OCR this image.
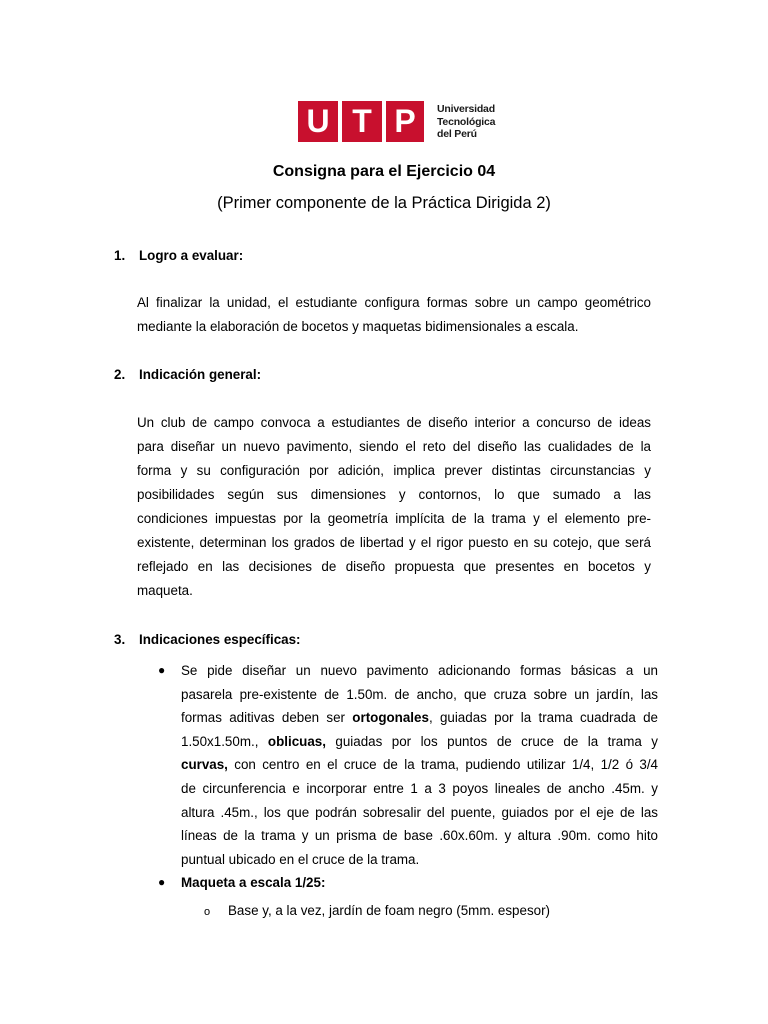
U T P	Universidad
Tecnológica
del Perú
Consigna para el Ejercicio 04
(Primer componente de la Práctica Dirigida 2)
1. Logro a evaluar:
Al finalizar la unidad, el estudiante configura formas sobre un campo geométrico
mediante la elaboración de bocetos y maquetas bidimensionales a escala.
2. Indicación general:
Un club de campo convoca a estudiantes de diseño interior a concurso de ideas
para diseñar un nuevo pavimento, siendo el reto del diseño las cualidades de la
forma y su configuración por adición, implica prever distintas circunstancias y
posibilidades según sus dimensiones y contornos, lo que sumado a las
condiciones impuestas por la geometría implícita de la trama y el elemento pre-
existente, determinan los grados de libertad y el rigor puesto en su cotejo, que será
reflejado en las decisiones de diseño propuesta que presentes en bocetos y
maqueta.
3. Indicaciones específicas:
● Se pide diseñar un nuevo pavimento adicionando formas básicas a un
pasarela pre-existente de 1.50m. de ancho, que cruza sobre un jardín, las
formas aditivas deben ser ortogonales, guiadas por la trama cuadrada de
1.50x1.50m., oblicuas, guiadas por los puntos de cruce de la trama y
curvas, con centro en el cruce de la trama, pudiendo utilizar 1/4, 1/2 ó 3/4
de circunferencia e incorporar entre 1 a 3 poyos lineales de ancho .45m. y
altura .45m., los que podrán sobresalir del puente, guiados por el eje de las
líneas de la trama y un prisma de base .60x.60m. y altura .90m. como hito
puntual ubicado en el cruce de la trama.
● Maqueta a escala 1/25:
o Base y, a la vez, jardín de foam negro (5mm. espesor)
